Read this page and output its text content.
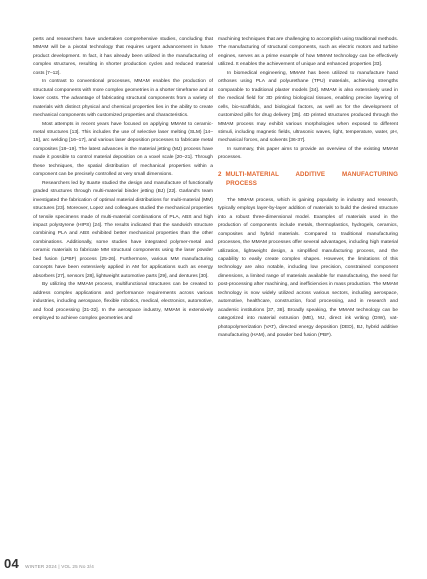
perts and researchers have undertaken comprehensive studies, concluding that MMAM will be a pivotal technology that requires urgent advancement in future product development. In fact, it has already been utilized in the manufacturing of complex structures, resulting in shorter production cycles and reduced material costs [7–12].

In contrast to conventional processes, MMAM enables the production of structural components with more complex geometries in a shorter timeframe and at lower costs. The advantage of fabricating structural components from a variety of materials with distinct physical and chemical properties lies in the ability to create mechanical components with customized properties and characteristics.

Most attempts in recent years have focused on applying MMAM to ceramic-metal structures [13]. This includes the use of selective laser melting (SLM) [14–15], arc welding [16–17], and various laser deposition processes to fabricate metal composites [18–19]. The latest advances in the material jetting (MJ) process have made it possible to control material deposition on a voxel scale [20–21]. Through these techniques, the spatial distribution of mechanical properties within a component can be precisely controlled at very small dimensions.

Researchers led by Ituarte studied the design and manufacture of functionally graded structures through multi-material binder jetting (BJ) [22]. Garland's team investigated the fabrication of optimal material distributions for multi-material (MM) structures [23]. Moreover, Lopez and colleagues studied the mechanical properties of tensile specimens made of multi-material combinations of PLA, ABS and high impact polystyrene (HIPS) [24]. The results indicated that the sandwich structure combining PLA and ABS exhibited better mechanical properties than the other combinations. Additionally, some studies have integrated polymer-metal and ceramic materials to fabricate MM structural components using the laser powder bed fusion (LPBF) process [25-26]. Furthermore, various MM manufacturing concepts have been extensively applied in AM for applications such as energy absorbers [27], sensors [28], lightweight automotive parts [29], and dentures [30].

By utilizing the MMAM process, multifunctional structures can be created to address complex applications and performance requirements across various industries, including aerospace, flexible robotics, medical, electronics, automotive, and food processing [31-32]. In the aerospace industry, MMAM is extensively employed to achieve complex geometries and

machining techniques that are challenging to accomplish using traditional methods. The manufacturing of structural components, such as electric motors and turbine engines, serves as a prime example of how MMAM technology can be effectively utilized. It enables the achievement of unique and enhanced properties [33].

In biomedical engineering, MMAM has been utilized to manufacture hand orthoses using PLA and polyurethane (TPU) materials, achieving strengths comparable to traditional plaster models [34]. MMAM is also extensively used in the medical field for 3D printing biological tissues, enabling precise layering of cells, bio-scaffolds, and biological factors, as well as for the development of customized pills for drug delivery [35]. 4D printed structures produced through the MMAM process may exhibit various morphologies when exposed to different stimuli, including magnetic fields, ultrasonic waves, light, temperature, water, pH, mechanical forces, and solvents [36-37].

In summary, this paper aims to provide an overview of the existing MMAM processes.

2 MULTI-MATERIAL ADDITIVE MANUFACTURING PROCESS

The MMAM process, which is gaining popularity in industry and research, typically employs layer-by-layer addition of materials to build the desired structure into a robust three-dimensional model. Examples of materials used in the production of components include metals, thermoplastics, hydrogels, ceramics, composites and hybrid materials. Compared to traditional manufacturing processes, the MMAM processes offer several advantages, including high material utilization, lightweight design, a simplified manufacturing process, and the capability to easily create complex shapes. However, the limitations of this technology are also notable, including low precision, constrained component dimensions, a limited range of materials available for manufacturing, the need for post-processing after machining, and inefficiencies in mass production. The MMAM technology is now widely utilized across various sectors, including aerospace, automotive, healthcare, construction, food processing, and in research and academic institutions [37, 38]. Broadly speaking, the MMAM technology can be categorized into material extrusion (ME), MJ, direct ink writing (DIW), vat-photopolymerization (VAT), directed energy deposition (DED), BJ, hybrid additive manufacturing (HAM), and powder bed fusion (PBF).

04 WINTER 2024 | VOL 25 No 3/4
